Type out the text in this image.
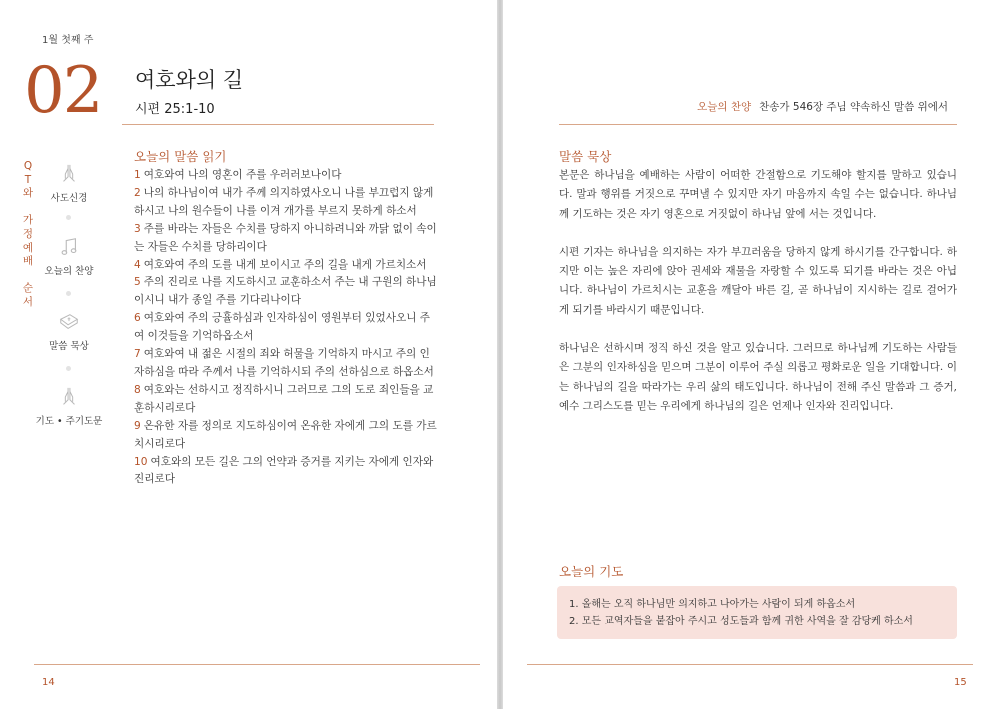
1월 첫째 주
02 여호와의 길
시편 25:1-10
Q
T
와
가
정
예
배
순
서
사도신경
오늘의 찬양
말씀 묵상
기도 • 주기도문
오늘의 말씀 읽기

1 여호와여 나의 영혼이 주를 우러러보나이다

2 나의 하나님이여 내가 주께 의지하였사오니 나를 부끄럽지 않게 하시고 나의 원수들이 나를 이겨 개가를 부르지 못하게 하소서

3 주를 바라는 자들은 수치를 당하지 아니하려니와 까닭 없이 속이는 자들은 수치를 당하리이다

4 여호와여 주의 도를 내게 보이시고 주의 길을 내게 가르치소서

5 주의 진리로 나를 지도하시고 교훈하소서 주는 내 구원의 하나님이시니 내가 종일 주를 기다리나이다

6 여호와여 주의 긍휼하심과 인자하심이 영원부터 있었사오니 주여 이것들을 기억하옵소서

7 여호와여 내 젊은 시절의 죄와 허물을 기억하지 마시고 주의 인자하심을 따라 주께서 나를 기억하시되 주의 선하심으로 하옵소서

8 여호와는 선하시고 정직하시니 그러므로 그의 도로 죄인들을 교훈하시리로다

9 온유한 자를 정의로 지도하심이여 온유한 자에게 그의 도를 가르치시리로다

10 여호와의 모든 길은 그의 언약과 증거를 지키는 자에게 인자와 진리로다

14
오늘의 찬양 찬송가 546장 주님 약속하신 말씀 위에서
말씀 묵상

본문은 하나님을 예배하는 사람이 어떠한 간절함으로 기도해야 할지를 말하고 있습니다. 말과 행위를 거짓으로 꾸며낼 수 있지만 자기 마음까지 속일 수는 없습니다. 하나님께 기도하는 것은 자기 영혼으로 거짓없이 하나님 앞에 서는 것입니다.

시편 기자는 하나님을 의지하는 자가 부끄러움을 당하지 않게 하시기를 간구합니다. 하지만 이는 높은 자리에 앉아 권세와 재물을 자랑할 수 있도록 되기를 바라는 것은 아닙니다. 하나님이 가르치시는 교훈을 깨달아 바른 길, 곧 하나님이 지시하는 길로 걸어가게 되기를 바라시기 때문입니다.

하나님은 선하시며 정직 하신 것을 알고 있습니다. 그러므로 하나님께 기도하는 사람들은 그분의 인자하심을 믿으며 그분이 이루어 주실 의롭고 평화로운 일을 기대합니다. 이는 하나님의 길을 따라가는 우리 삶의 태도입니다. 하나님이 전해 주신 말씀과 그 증거, 예수 그리스도를 믿는 우리에게 하나님의 길은 언제나 인자와 진리입니다.

오늘의 기도
1. 올해는 오직 하나님만 의지하고 나아가는 사람이 되게 하옵소서
2. 모든 교역자들을 붙잡아 주시고 성도들과 함께 귀한 사역을 잘 감당케 하소서
15
